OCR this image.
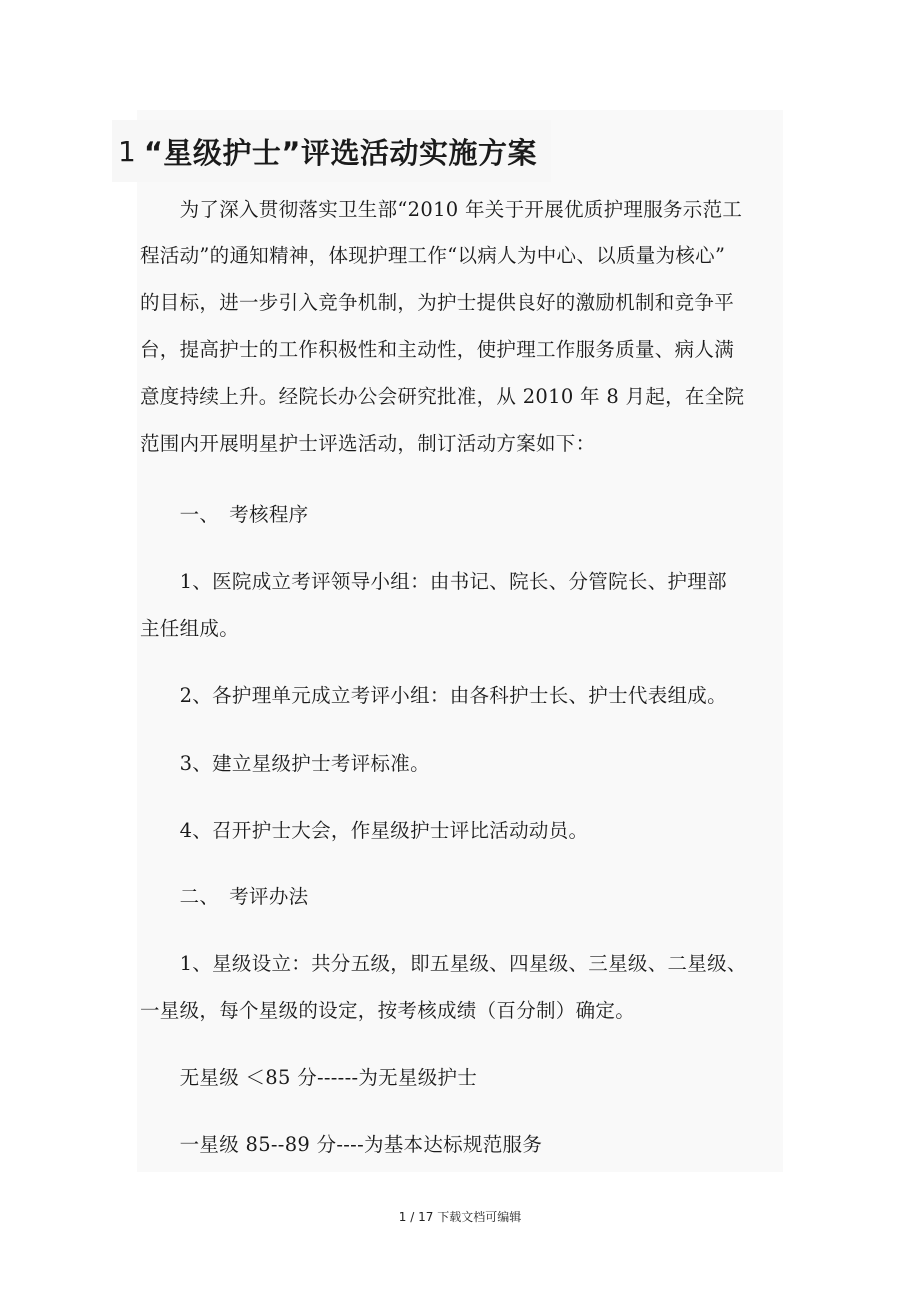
1 “星级护士”评选活动实施方案
　　为了深入贯彻落实卫生部“2010 年关于开展优质护理服务示范工
程活动”的通知精神，体现护理工作“以病人为中心、以质量为核心”
的目标，进一步引入竞争机制，为护士提供良好的激励机制和竞争平
台，提高护士的工作积极性和主动性，使护理工作服务质量、病人满
意度持续上升。经院长办公会研究批准，从 2010 年 8 月起，在全院
范围内开展明星护士评选活动，制订活动方案如下：
　　一、　考核程序
　　1、医院成立考评领导小组：由书记、院长、分管院长、护理部
主任组成。
　　2、各护理单元成立考评小组：由各科护士长、护士代表组成。
　　3、建立星级护士考评标准。
　　4、召开护士大会，作星级护士评比活动动员。
　　二、　考评办法
　　1、星级设立：共分五级，即五星级、四星级、三星级、二星级、
一星级，每个星级的设定，按考核成绩（百分制）确定。
　　无星级 ＜85 分------为无星级护士
　　一星级 85--89 分----为基本达标规范服务
1 / 17 下载文档可编辑
